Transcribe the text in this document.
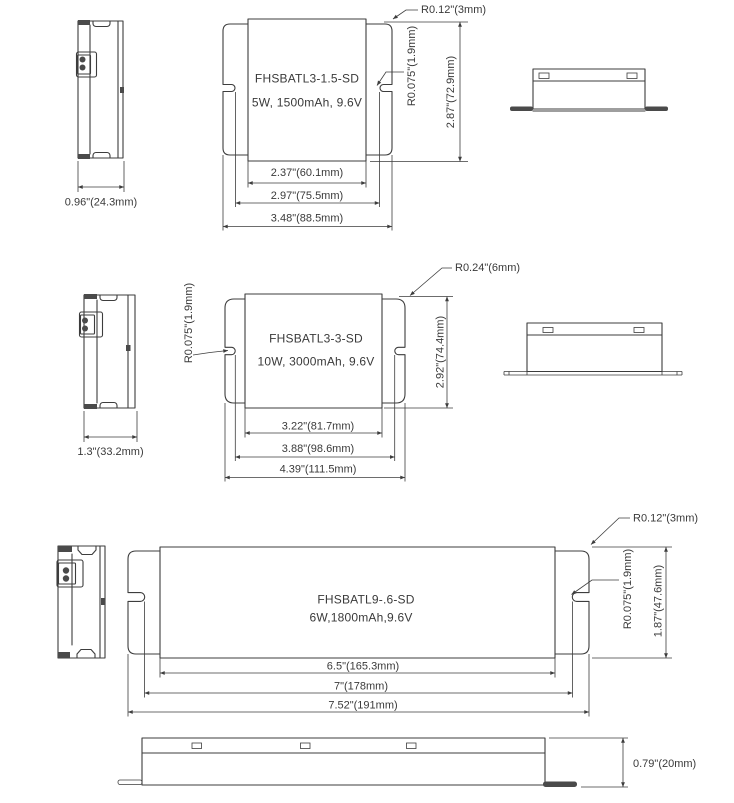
0.96"(24.3mm)
FHSBATL3-1.5-SD
5W, 1500mAh, 9.6V
2.37"(60.1mm)
2.97"(75.5mm)
3.48"(88.5mm)
2.87"(72.9mm)
R0.12"(3mm)
R0.075"(1.9mm)
1.3"(33.2mm)
FHSBATL3-3-SD
10W, 3000mAh, 9.6V
3.22"(81.7mm)
3.88"(98.6mm)
4.39"(111.5mm)
2.92"(74.4mm)
R0.24"(6mm)
R0.075"(1.9mm)
FHSBATL9-.6-SD
6W,1800mAh,9.6V
6.5"(165.3mm)
7"(178mm)
7.52"(191mm)
1.87"(47.6mm)
R0.12"(3mm)
R0.075"(1.9mm)
0.79"(20mm)
